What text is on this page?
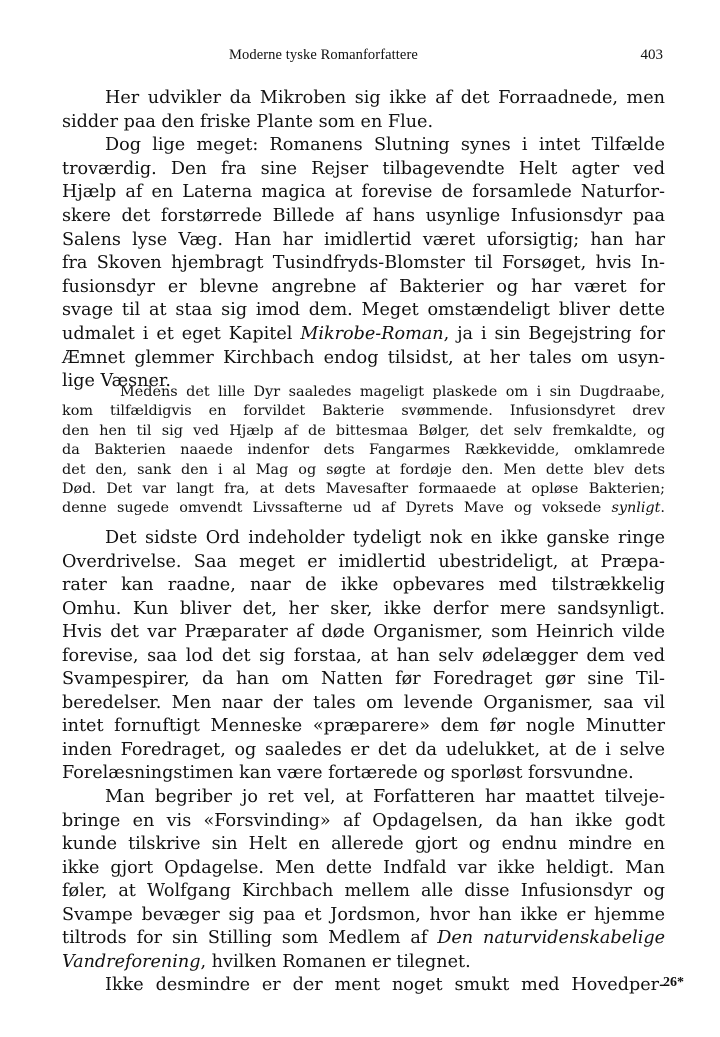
Moderne tyske Romanforfattere	403
Her udvikler da Mikroben sig ikke af det Forraadnede, men
sidder paa den friske Plante som en Flue.
Dog lige meget: Romanens Slutning synes i intet Tilfælde
troværdig. Den fra sine Rejser tilbagevendte Helt agter ved
Hjælp af en Laterna magica at forevise de forsamlede Naturfor-
skere det forstørrede Billede af hans usynlige Infusionsdyr paa
Salens lyse Væg. Han har imidlertid været uforsigtig; han har
fra Skoven hjembragt Tusindfryds-Blomster til Forsøget, hvis In-
fusionsdyr er blevne angrebne af Bakterier og har været for
svage til at staa sig imod dem. Meget omstændeligt bliver dette
udmalet i et eget Kapitel Mikrobe-Roman, ja i sin Begejstring for
Æmnet glemmer Kirchbach endog tilsidst, at her tales om usyn-
lige Væsner.
Medens det lille Dyr saaledes mageligt plaskede om i sin Dugdraabe,
kom tilfældigvis en forvildet Bakterie svømmende. Infusionsdyret drev
den hen til sig ved Hjælp af de bittesmaa Bølger, det selv fremkaldte, og
da Bakterien naaede indenfor dets Fangarmes Rækkevidde, omklamrede
det den, sank den i al Mag og søgte at fordøje den. Men dette blev dets
Død. Det var langt fra, at dets Mavesafter formaaede at opløse Bakterien;
denne sugede omvendt Livssafterne ud af Dyrets Mave og voksede synligt.
Det sidste Ord indeholder tydeligt nok en ikke ganske ringe
Overdrivelse. Saa meget er imidlertid ubestrideligt, at Præpa-
rater kan raadne, naar de ikke opbevares med tilstrækkelig
Omhu. Kun bliver det, her sker, ikke derfor mere sandsynligt.
Hvis det var Præparater af døde Organismer, som Heinrich vilde
forevise, saa lod det sig forstaa, at han selv ødelægger dem ved
Svampespirer, da han om Natten før Foredraget gør sine Til-
beredelser. Men naar der tales om levende Organismer, saa vil
intet fornuftigt Menneske «præparere» dem før nogle Minutter
inden Foredraget, og saaledes er det da udelukket, at de i selve
Forelæsningstimen kan være fortærede og sporløst forsvundne.
Man begriber jo ret vel, at Forfatteren har maattet tilveje-
bringe en vis «Forsvinding» af Opdagelsen, da han ikke godt
kunde tilskrive sin Helt en allerede gjort og endnu mindre en
ikke gjort Opdagelse. Men dette Indfald var ikke heldigt. Man
føler, at Wolfgang Kirchbach mellem alle disse Infusionsdyr og
Svampe bevæger sig paa et Jordsmon, hvor han ikke er hjemme
tiltrods for sin Stilling som Medlem af Den naturvidenskabelige
Vandreforening, hvilken Romanen er tilegnet.
Ikke desmindre er der ment noget smukt med Hovedper-
26*
